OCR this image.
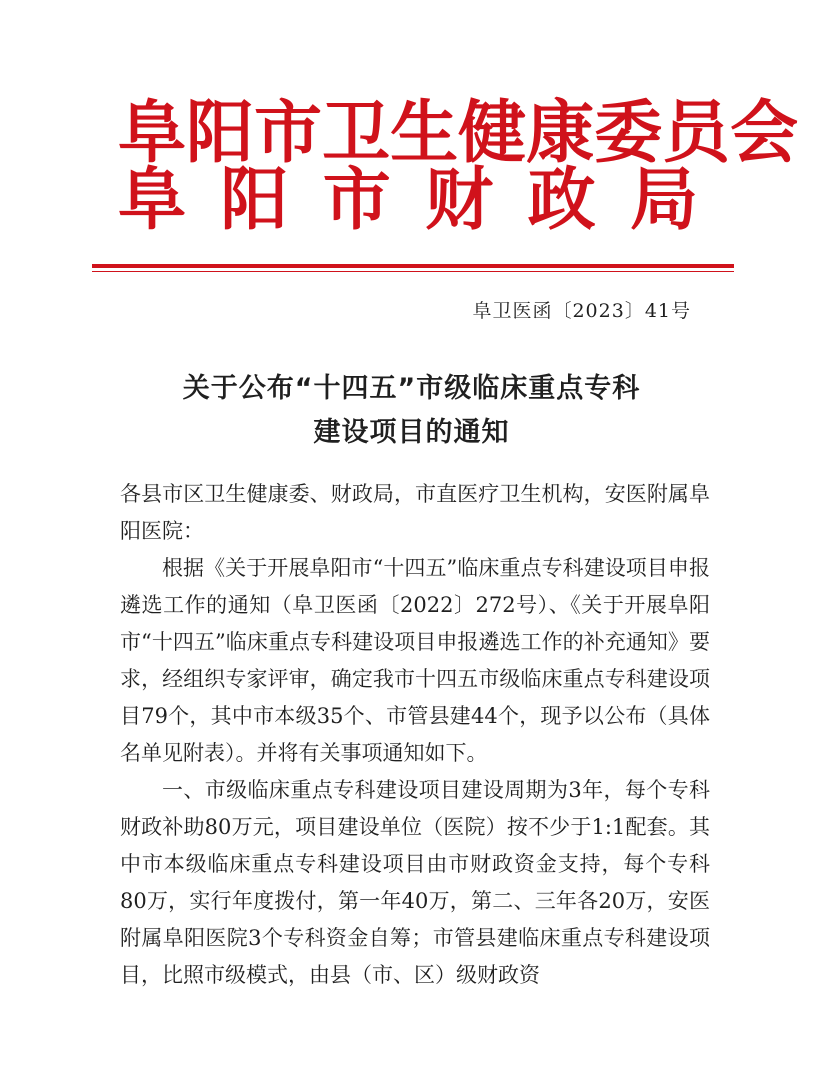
阜 阳 市 卫 生 健 康 委 员 会
阜 阳 市 财 政 局
阜卫医函〔2023〕41号
关于公布“十四五”市级临床重点专科
建设项目的通知

各县市区卫生健康委、财政局，市直医疗卫生机构，安医附属阜阳医院：

根据《关于开展阜阳市“十四五”临床重点专科建设项目申报遴选工作的通知（阜卫医函〔2022〕272号）、《关于开展阜阳市“十四五”临床重点专科建设项目申报遴选工作的补充通知》要求，经组织专家评审，确定我市十四五市级临床重点专科建设项目79个，其中市本级35个、市管县建44个，现予以公布（具体名单见附表）。并将有关事项通知如下。

一、市级临床重点专科建设项目建设周期为3年，每个专科财政补助80万元，项目建设单位（医院）按不少于1:1配套。其中市本级临床重点专科建设项目由市财政资金支持，每个专科80万，实行年度拨付，第一年40万，第二、三年各20万，安医附属阜阳医院3个专科资金自筹；市管县建临床重点专科建设项目，比照市级模式，由县（市、区）级财政资
